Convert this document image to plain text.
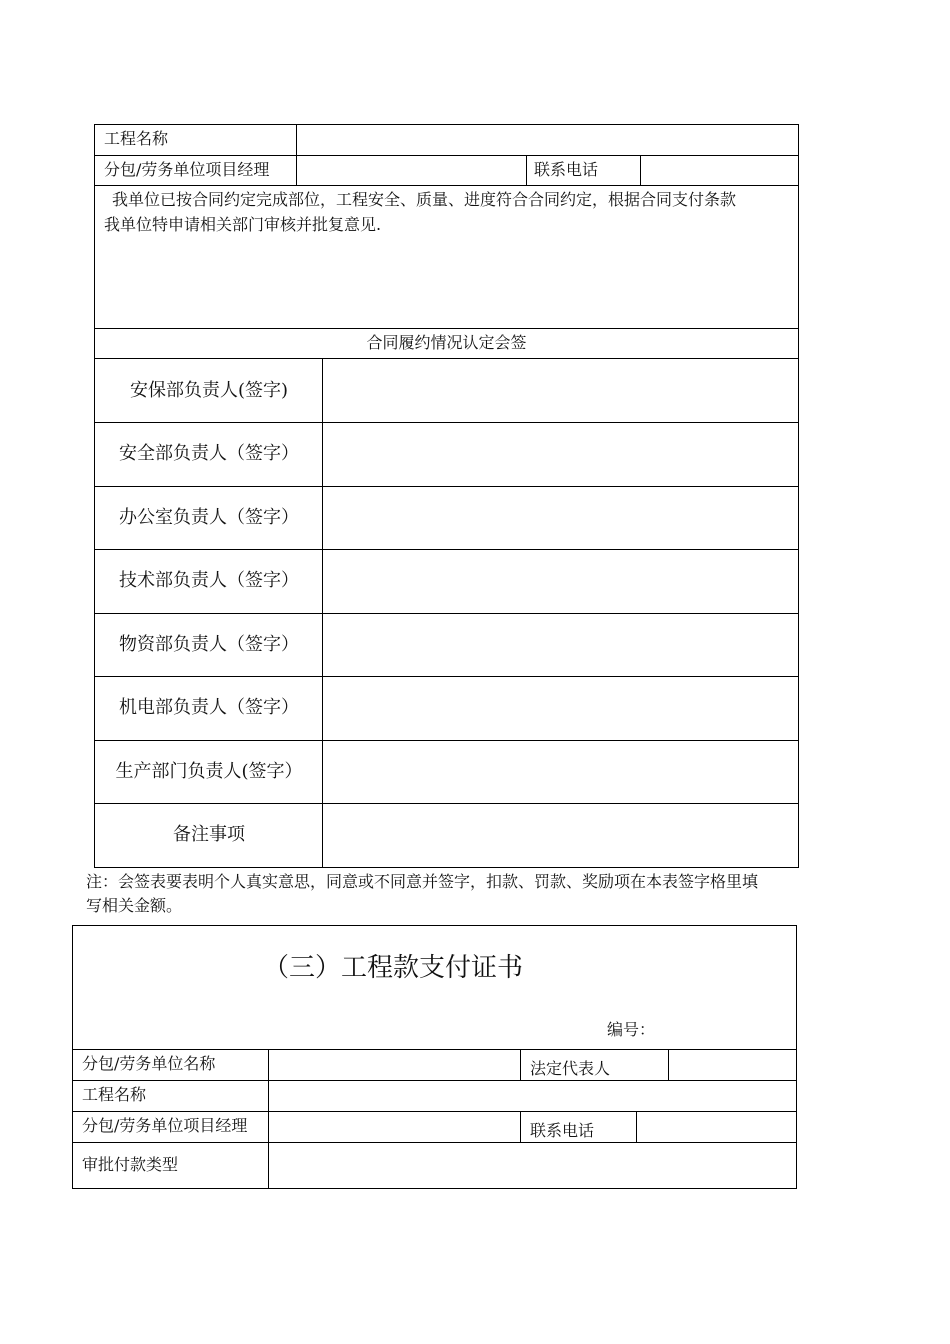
工程名称
分包/劳务单位项目经理	联系电话
我单位已按合同约定完成部位，工程安全、质量、进度符合合同约定，根据合同支付条款
我单位特申请相关部门审核并批复意见.
合同履约情况认定会签
安保部负责人(签字)
安全部负责人（签字）
办公室负责人（签字）
技术部负责人（签字）
物资部负责人（签字）
机电部负责人（签字）
生产部门负责人(签字）
备注事项
注：会签表要表明个人真实意思，同意或不同意并签字，扣款、罚款、奖励项在本表签字格里填
写相关金额。
（三）工程款支付证书
编号：
分包/劳务单位名称	法定代表人
工程名称
分包/劳务单位项目经理	联系电话
审批付款类型
